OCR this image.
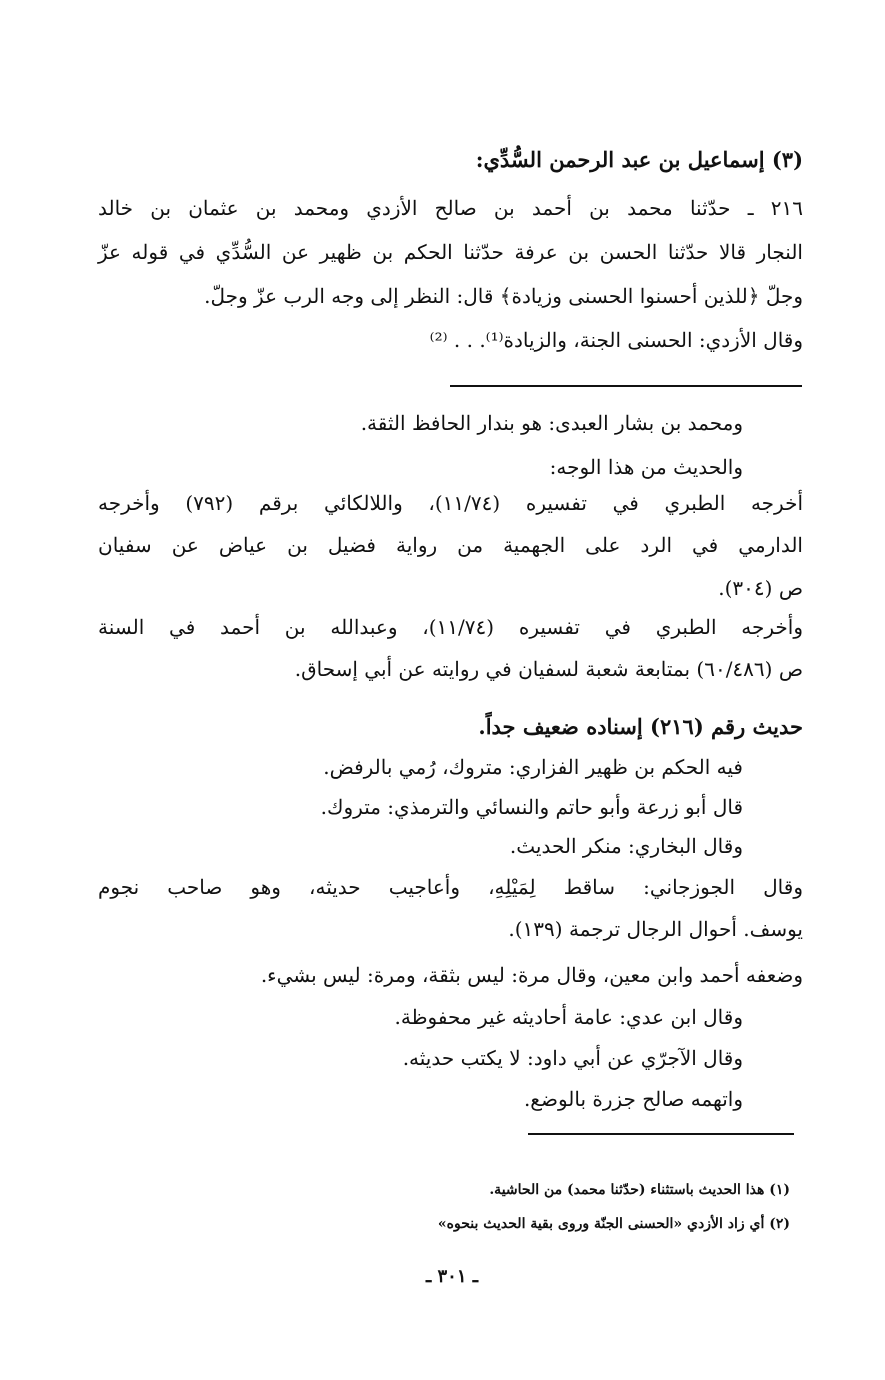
(٣) إسماعيل بن عبد الرحمن السُّدِّي:
٢١٦ ـ حدّثنا محمد بن أحمد بن صالح الأزدي ومحمد بن عثمان بن خالد
النجار قالا حدّثنا الحسن بن عرفة حدّثنا الحكم بن ظهير عن السُّدِّي في قوله عزّ
وجلّ ﴿للذين أحسنوا الحسنى وزيادة﴾ قال: النظر إلى وجه الرب عزّ وجلّ.
وقال الأزدي: الحسنى الجنة، والزيادة⁽¹⁾. . . ⁽²⁾
ومحمد بن بشار العبدى: هو بندار الحافظ الثقة.
والحديث من هذا الوجه:
أخرجه الطبري في تفسيره (١١/٧٤)، واللالكائي برقم (٧٩٢) وأخرجه
الدارمي في الرد على الجهمية من رواية فضيل بن عياض عن سفيان
ص (٣٠٤).
وأخرجه الطبري في تفسيره (١١/٧٤)، وعبدالله بن أحمد في السنة
ص (٦٠/٤٨٦) بمتابعة شعبة لسفيان في روايته عن أبي إسحاق.
حديث رقم (٢١٦) إسناده ضعيف جداً.
فيه الحكم بن ظهير الفزاري: متروك، رُمي بالرفض.
قال أبو زرعة وأبو حاتم والنسائي والترمذي: متروك.
وقال البخاري: منكر الحديث.
وقال الجوزجاني: ساقط لِمَيْلِهِ، وأعاجيب حديثه، وهو صاحب نجوم
يوسف. أحوال الرجال ترجمة (١٣٩).
وضعفه أحمد وابن معين، وقال مرة: ليس بثقة، ومرة: ليس بشيء.
وقال ابن عدي: عامة أحاديثه غير محفوظة.
وقال الآجرّي عن أبي داود: لا يكتب حديثه.
واتهمه صالح جزرة بالوضع.
(١) هذا الحديث باستثناء (حدّثنا محمد) من الحاشية.
(٢) أي زاد الأزدي «الحسنى الجنّة وروى بقية الحديث بنحوه»
ـ ٣٠١ ـ
